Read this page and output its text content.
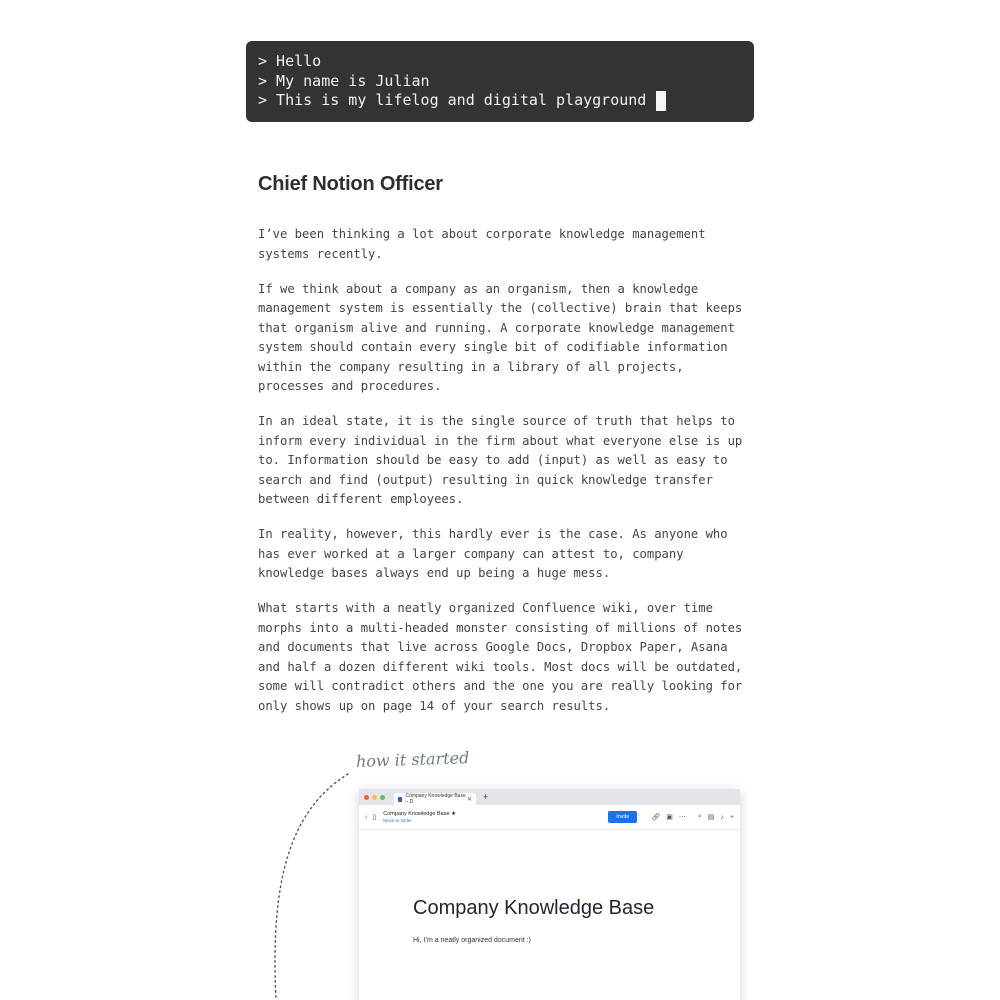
> Hello
> My name is Julian
> This is my lifelog and digital playground
Chief Notion Officer

I’ve been thinking a lot about corporate knowledge management systems recently.

If we think about a company as an organism, then a knowledge management system is essentially the (collective) brain that keeps that organism alive and running. A corporate knowledge management system should contain every single bit of codifiable information within the company resulting in a library of all projects, processes and procedures.

In an ideal state, it is the single source of truth that helps to inform every individual in the firm about what everyone else is up to. Information should be easy to add (input) as well as easy to search and find (output) resulting in quick knowledge transfer between different employees.

In reality, however, this hardly ever is the case. As anyone who has ever worked at a larger company can attest to, company knowledge bases always end up being a huge mess.

What starts with a neatly organized Confluence wiki, over time morphs into a multi-headed monster consisting of millions of notes and documents that live across Google Docs, Dropbox Paper, Asana and half a dozen different wiki tools. Most docs will be outdated, some will contradict others and the one you are really looking for only shows up on page 14 of your search results.

how it started
Company Knowledge Base – D	✕ +
‹ ▯ Company Knowledge Base ★
Move to folder
Invite	🔗︎ ▣ ⋯ ⌕ ▤ ♪ +
Company Knowledge Base
Hi, I’m a neatly organized document :)
